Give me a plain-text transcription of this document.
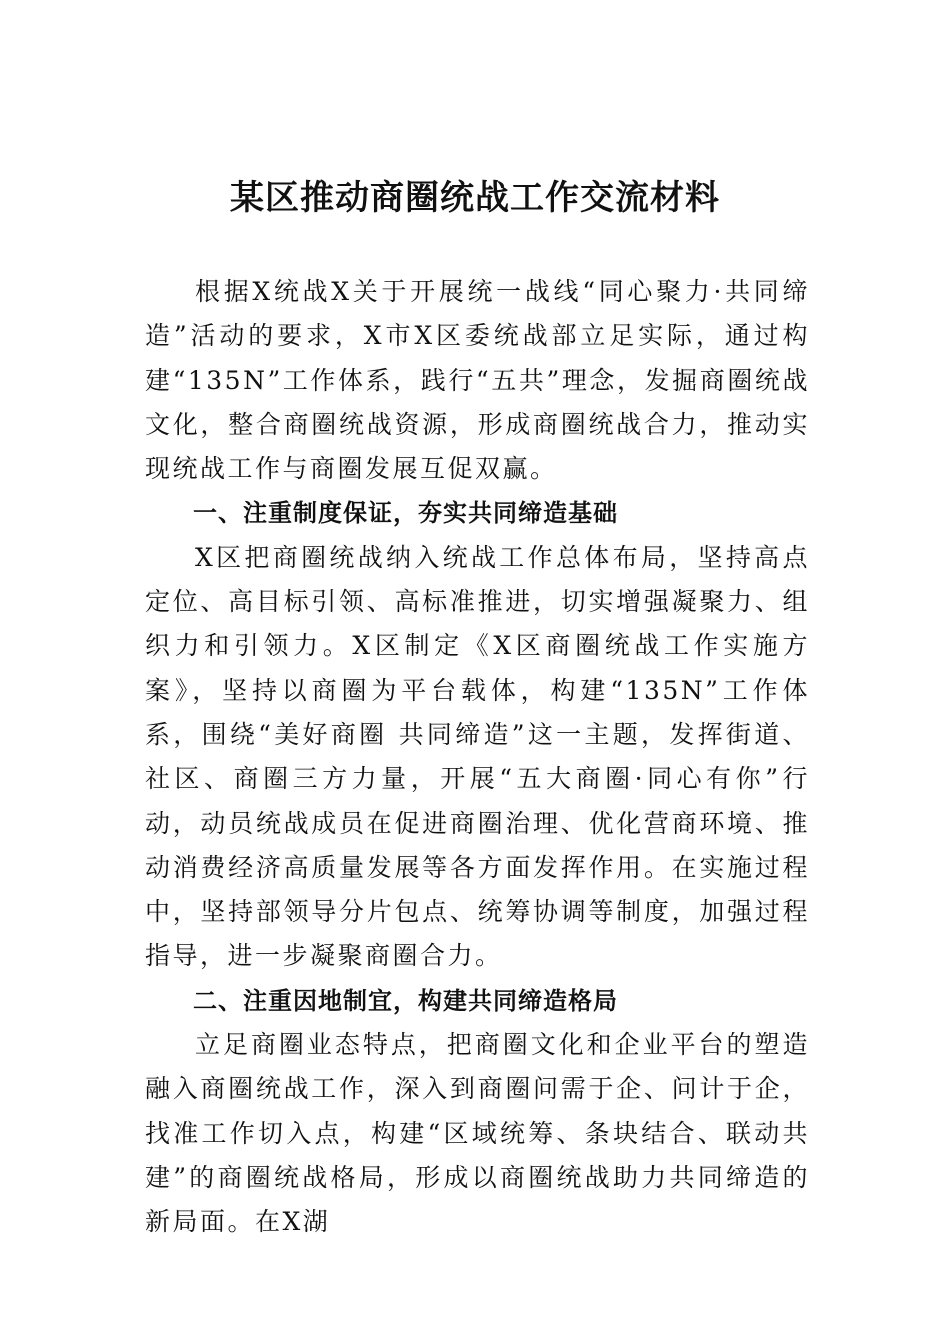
某区推动商圈统战工作交流材料

根据X统战X关于开展统一战线“同心聚力·共同缔造”活动的要求，X市X区委统战部立足实际，通过构建“135N”工作体系，践行“五共”理念，发掘商圈统战文化，整合商圈统战资源，形成商圈统战合力，推动实现统战工作与商圈发展互促双赢。

一、注重制度保证，夯实共同缔造基础

X区把商圈统战纳入统战工作总体布局，坚持高点定位、高目标引领、高标准推进，切实增强凝聚力、组织力和引领力。X区制定《X区商圈统战工作实施方案》，坚持以商圈为平台载体，构建“135N”工作体系，围绕“美好商圈 共同缔造”这一主题，发挥街道、社区、商圈三方力量，开展“五大商圈·同心有你”行动，动员统战成员在促进商圈治理、优化营商环境、推动消费经济高质量发展等各方面发挥作用。在实施过程中，坚持部领导分片包点、统筹协调等制度，加强过程指导，进一步凝聚商圈合力。

二、注重因地制宜，构建共同缔造格局

立足商圈业态特点，把商圈文化和企业平台的塑造融入商圈统战工作，深入到商圈问需于企、问计于企，找准工作切入点，构建“区域统筹、条块结合、联动共建”的商圈统战格局，形成以商圈统战助力共同缔造的新局面。在X湖
